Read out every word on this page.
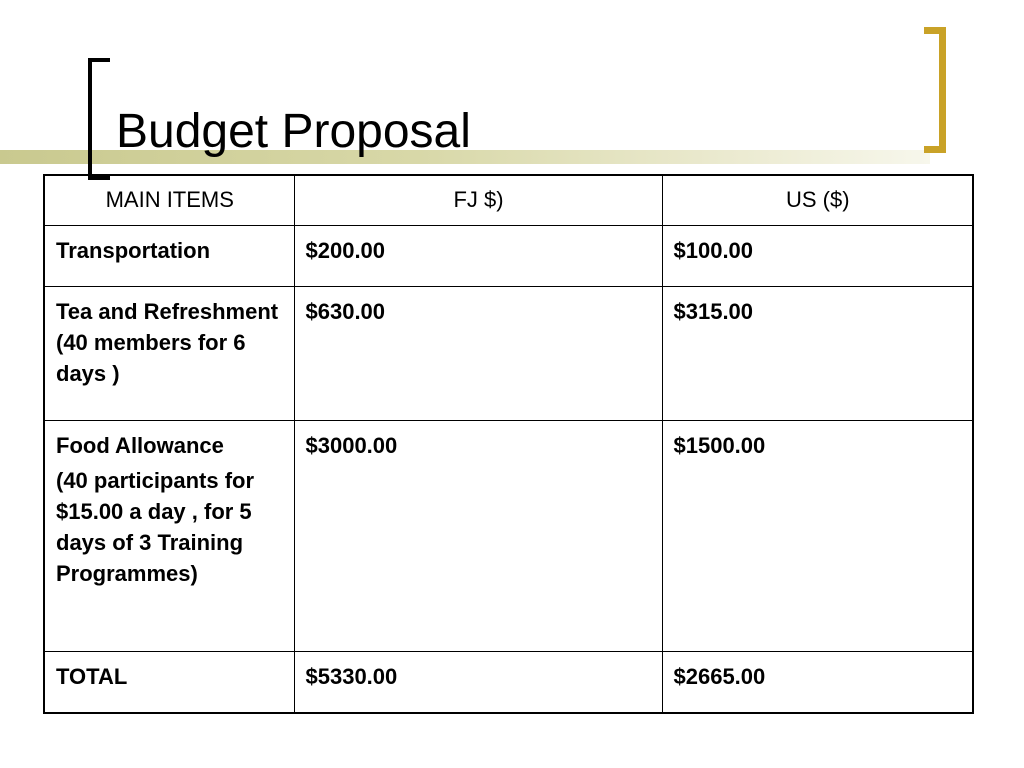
Budget Proposal
MAIN ITEMS	FJ $)	US ($)
Transportation	$200.00	$100.00
Tea and Refreshment (40 members for 6 days )	$630.00	$315.00

Food Allowance
(40 participants for $15.00 a day , for 5 days of 3 Training Programmes)	$3000.00	$1500.00
TOTAL	$5330.00	$2665.00
